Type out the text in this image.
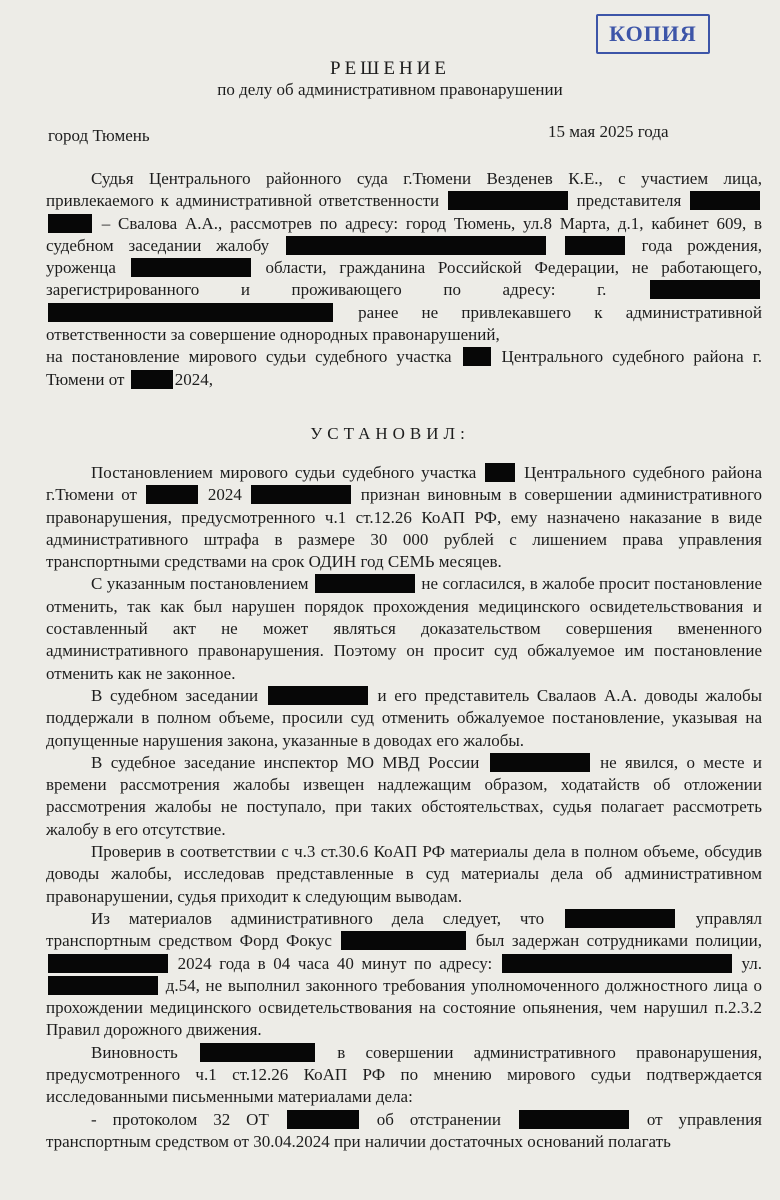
КОПИЯ
РЕШЕНИЕ
по делу об административном правонарушении
город Тюмень	15 мая 2025 года

Судья Центрального районного суда г.Тюмени Везденев К.Е., с участием лица, привлекаемого к административной ответственности	представителя   – Свалова А.А., рассмотрев по адресу: город Тюмень, ул.8 Марта, д.1, кабинет 609, в судебном заседании жалобу	года рождения, уроженца	области, гражданина Российской Федерации, не работающего, зарегистрированного и проживающего по адресу: г.   ранее не привлекавшего к административной ответственности за совершение однородных правонарушений,

на постановление мирового судьи судебного участка	Центрального судебного района г. Тюмени от	2024,

УСТАНОВИЛ:

Постановлением мирового судьи судебного участка	Центрального судебного района г.Тюмени от	2024	признан виновным в совершении административного правонарушения, предусмотренного ч.1 ст.12.26 КоАП РФ, ему назначено наказание в виде административного штрафа в размере 30 000 рублей с лишением права управления транспортными средствами на срок ОДИН год СЕМЬ месяцев.

С указанным постановлением	не согласился, в жалобе просит постановление отменить, так как был нарушен порядок прохождения медицинского освидетельствования и составленный акт не может являться доказательством совершения вмененного административного правонарушения. Поэтому он просит суд обжалуемое им постановление отменить как не законное.

В судебном заседании	и его представитель Свалаов А.А. доводы жалобы поддержали в полном объеме, просили суд отменить обжалуемое постановление, указывая на допущенные нарушения закона, указанные в доводах его жалобы.

В судебное заседание инспектор МО МВД России	не явился, о месте и времени рассмотрения жалобы извещен надлежащим образом, ходатайств об отложении рассмотрения жалобы не поступало, при таких обстоятельствах, судья полагает рассмотреть жалобу в его отсутствие.

Проверив в соответствии с ч.3 ст.30.6 КоАП РФ материалы дела в полном объеме, обсудив доводы жалобы, исследовав представленные в суд материалы дела об административном правонарушении, судья приходит к следующим выводам.

Из материалов административного дела следует, что	управлял транспортным средством Форд Фокус	был задержан сотрудниками полиции,  2024 года в 04 часа 40 минут по адресу:	ул.  д.54, не выполнил законного требования уполномоченного должностного лица о прохождении медицинского освидетельствования на состояние опьянения, чем нарушил п.2.3.2 Правил дорожного движения.

Виновность	в совершении административного правонарушения, предусмотренного ч.1 ст.12.26 КоАП РФ по мнению мирового судьи подтверждается исследованными письменными материалами дела:

- протоколом 32 ОТ	об отстранении	от управления транспортным средством от 30.04.2024 при наличии достаточных оснований полагать
